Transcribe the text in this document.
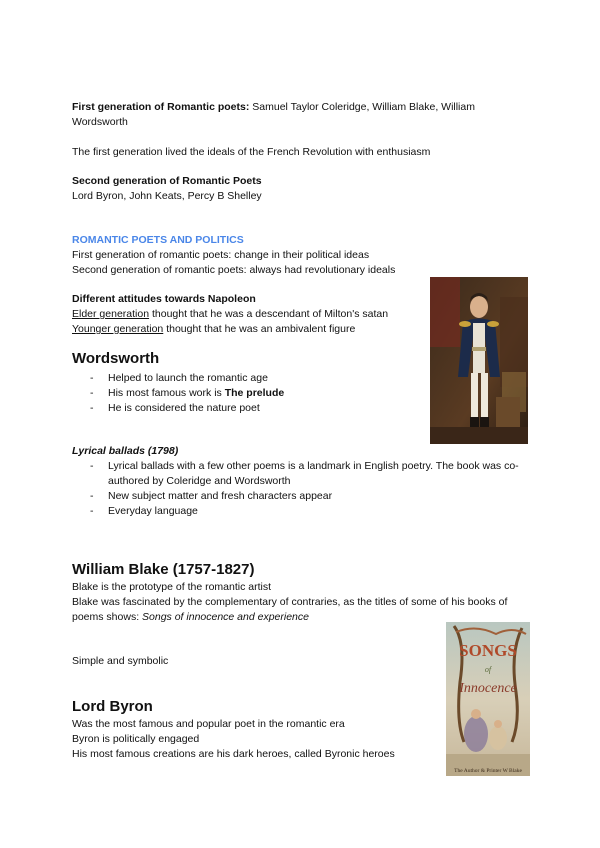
First generation of Romantic poets: Samuel Taylor Coleridge, William Blake, William Wordsworth

The first generation lived the ideals of the French Revolution with enthusiasm

Second generation of Romantic Poets

Lord Byron, John Keats, Percy B Shelley

ROMANTIC POETS AND POLITICS

First generation of romantic poets: change in their political ideas

Second generation of romantic poets: always had revolutionary ideals

Different attitudes towards Napoleon

Elder generation thought that he was a descendant of Milton's satan

Younger generation thought that he was an ambivalent figure

Wordsworth

- Helped to launch the romantic age
- His most famous work is The prelude
- He is considered the nature poet

Lyrical ballads (1798)

- Lyrical ballads with a few other poems is a landmark in English poetry. The book was co-authored by Coleridge and Wordsworth
- New subject matter and fresh characters appear
- Everyday language

William Blake (1757-1827)

Blake is the prototype of the romantic artist

Blake was fascinated by the complementary of contraries, as the titles of some of his books of poems shows: Songs of innocence and experience

Simple and symbolic

SONGS
of
Innocence
The Author & Printer W Blake

Lord Byron

Was the most famous and popular poet in the romantic era

Byron is politically engaged

His most famous creations are his dark heroes, called Byronic heroes
